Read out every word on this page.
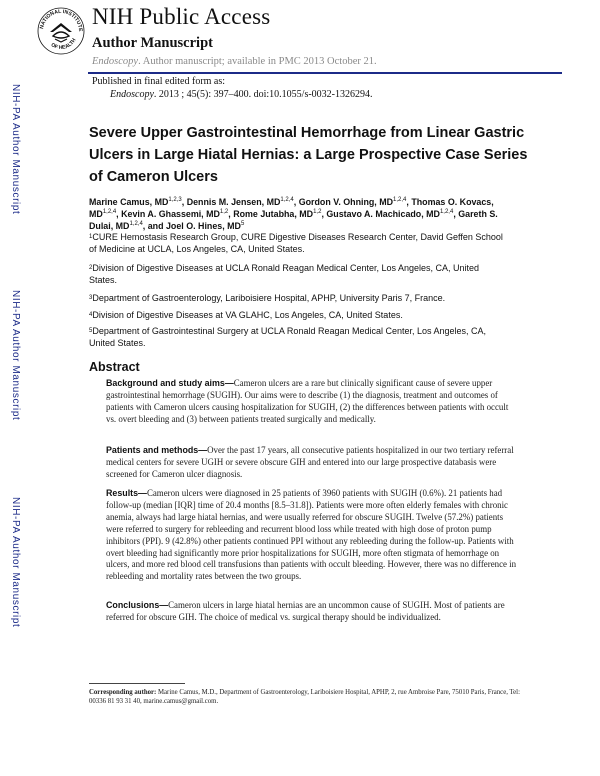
NATIONAL INSTITUTE
OF HEALTH
NIH Public Access
Author Manuscript
Endoscopy. Author manuscript; available in PMC 2013 October 21.
Published in final edited form as:
Endoscopy. 2013 ; 45(5): 397–400. doi:10.1055/s-0032-1326294.
NIH-PA Author Manuscript
NIH-PA Author Manuscript
NIH-PA Author Manuscript
Severe Upper Gastrointestinal Hemorrhage from Linear Gastric Ulcers in Large Hiatal Hernias: a Large Prospective Case Series of Cameron Ulcers
Marine Camus, MD$^{1,2,3}$, Dennis M. Jensen, MD$^{1,2,4}$, Gordon V. Ohning, MD$^{1,2,4}$, Thomas O. Kovacs, MD$^{1,2,4}$, Kevin A. Ghassemi, MD$^{1,2}$, Rome Jutabha, MD$^{1,2}$, Gustavo A. Machicado, MD$^{1,2,4}$, Gareth S. Dulai, MD$^{1,2,4}$, and Joel O. Hines, $MD^5$
$^1$CURE Hemostasis Research Group, CURE Digestive Diseases Research Center, David Geffen School of Medicine at UCLA, Los Angeles, CA, United States.
$^2$Division of Digestive Diseases at UCLA Ronald Reagan Medical Center, Los Angeles, CA, United States.
$^3$Department of Gastroenterology, Lariboisiere Hospital, APHP, University Paris 7, France.
$^4$Division of Digestive Diseases at VA GLAHC, Los Angeles, CA, United States.
$^5$Department of Gastrointestinal Surgery at UCLA Ronald Reagan Medical Center, Los Angeles, CA, United States.
Abstract
Background and study aims—Cameron ulcers are a rare but clinically significant cause of severe upper gastrointestinal hemorrhage (SUGIH). Our aims were to describe (1) the diagnosis, treatment and outcomes of patients with Cameron ulcers causing hospitalization for SUGIH, (2) the differences between patients with occult vs. overt bleeding and (3) between patients treated surgically and medically.
Patients and methods—Over the past 17 years, all consecutive patients hospitalized in our two tertiary referral medical centers for severe UGIH or severe obscure GIH and entered into our large prospective databasis were screened for Cameron ulcer diagnosis.
Results—Cameron ulcers were diagnosed in 25 patients of 3960 patients with SUGIH (0.6%). 21 patients had follow-up (median [IQR] time of 20.4 months [8.5–31.8]). Patients were more often elderly females with chronic anemia, always had large hiatal hernias, and were usually referred for obscure SUGIH. Twelve (57.2%) patients were referred to surgery for rebleeding and recurrent blood loss while treated with high dose of proton pump inhibitors (PPI). 9 (42.8%) other patients continued PPI without any rebleeding during the follow-up. Patients with overt bleeding had significantly more prior hospitalizations for SUGIH, more often stigmata of hemorrhage on ulcers, and more red blood cell transfusions than patients with occult bleeding. However, there was no difference in rebleeding and mortality rates between the two groups.
Conclusions—Cameron ulcers in large hiatal hernias are an uncommon cause of SUGIH. Most of patients are referred for obscure GIH. The choice of medical vs. surgical therapy should be individualized.
Corresponding author: Marine Camus, M.D., Department of Gastroenterology, Lariboisiere Hospital, APHP, 2, rue Ambroise Pare, 75010 Paris, France, Tel: 00336 81 93 31 40, marine.camus@gmail.com.
